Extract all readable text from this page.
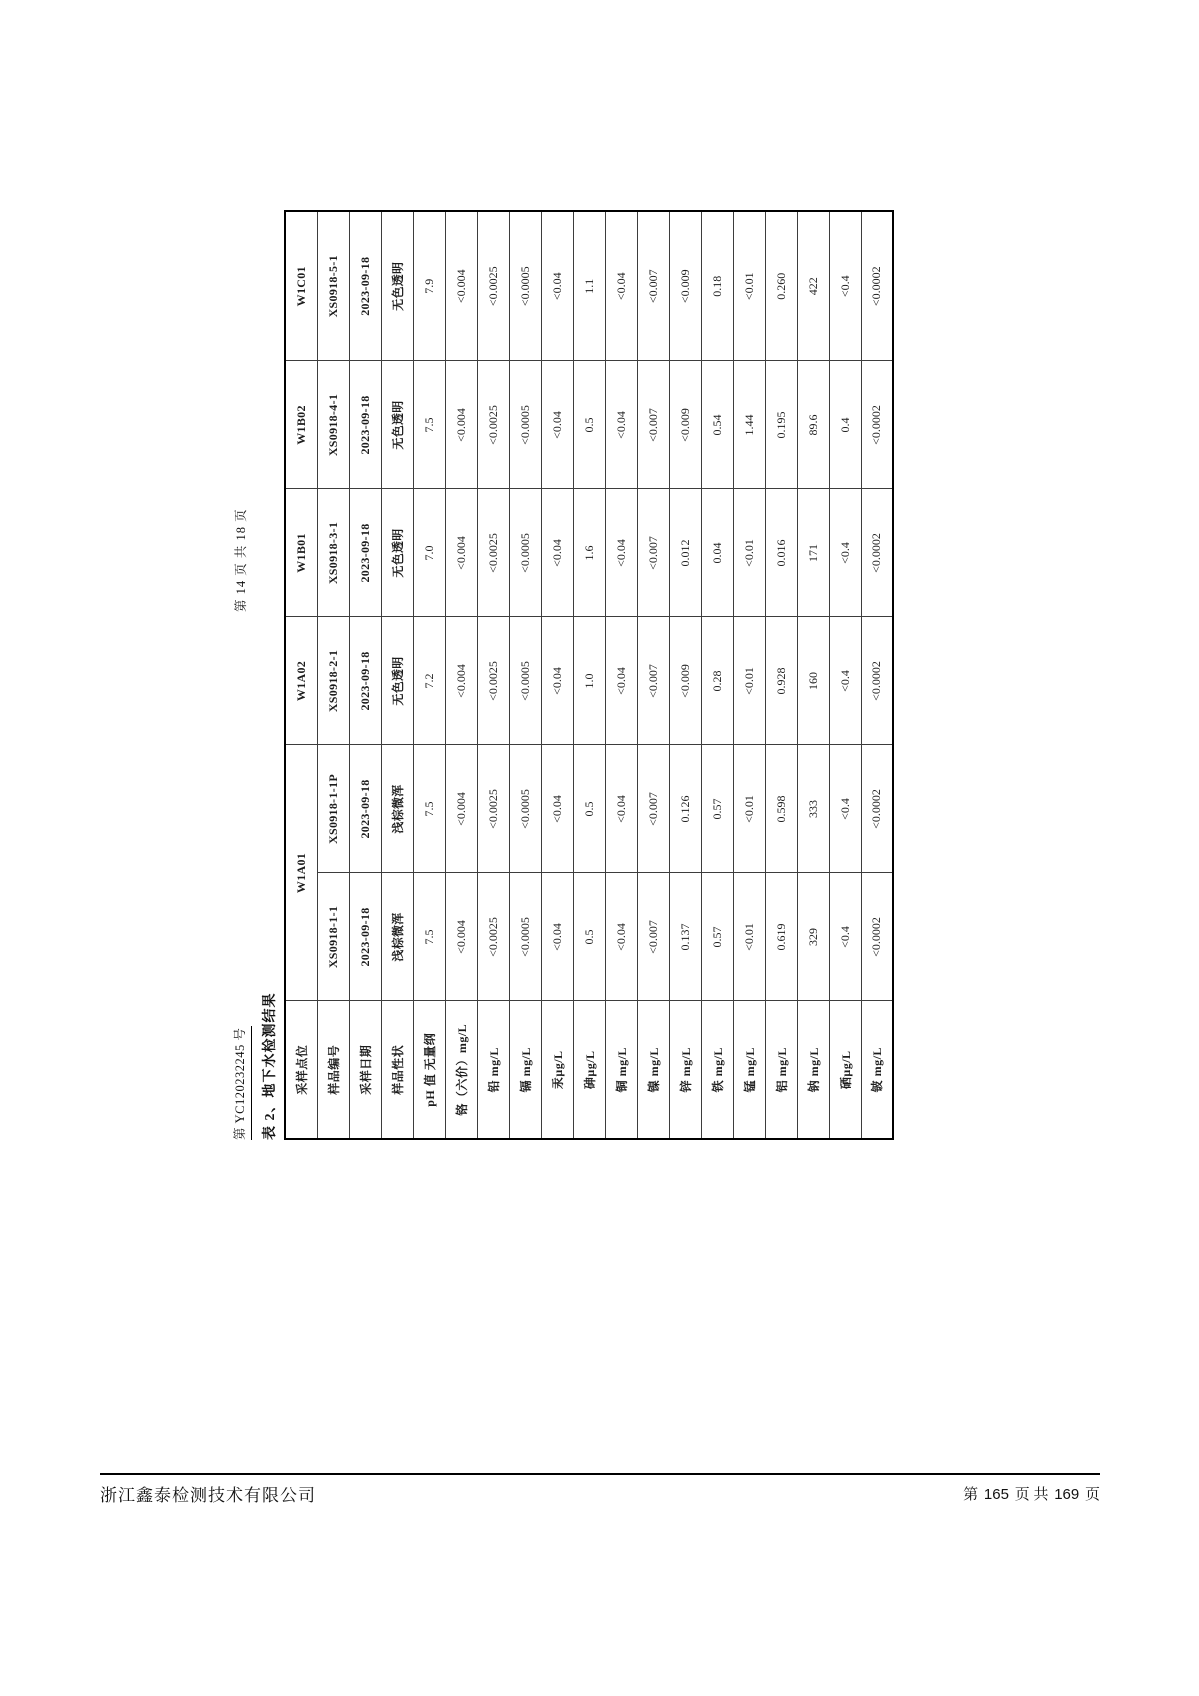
第 YC120232245 号
第 14 页 共 18 页
表 2、地下水检测结果 采样点位	W1A01		W1A02	W1B01	W1B02	W1C01
样品编号	XS0918-1-1	XS0918-1-1P	XS0918-2-1	XS0918-3-1	XS0918-4-1	XS0918-5-1
采样日期	2023-09-18	2023-09-18	2023-09-18	2023-09-18	2023-09-18	2023-09-18
样品性状	浅棕微浑	浅棕微浑	无色透明	无色透明	无色透明	无色透明
pH 值 无量纲	7.5	7.5	7.2	7.0	7.5	7.9
铬（六价）mg/L	<0.004	<0.004	<0.004	<0.004	<0.004	<0.004
铅 mg/L	<0.0025	<0.0025	<0.0025	<0.0025	<0.0025	<0.0025
镉 mg/L	<0.0005	<0.0005	<0.0005	<0.0005	<0.0005	<0.0005
汞μg/L	<0.04	<0.04	<0.04	<0.04	<0.04	<0.04
砷μg/L	0.5	0.5	1.0	1.6	0.5	1.1
铜 mg/L	<0.04	<0.04	<0.04	<0.04	<0.04	<0.04
镍 mg/L	<0.007	<0.007	<0.007	<0.007	<0.007	<0.007
锌 mg/L	0.137	0.126	<0.009	0.012	<0.009	<0.009
铁 mg/L	0.57	0.57	0.28	0.04	0.54	0.18
锰 mg/L	<0.01	<0.01	<0.01	<0.01	1.44	<0.01
铝 mg/L	0.619	0.598	0.928	0.016	0.195	0.260
钠 mg/L	329	333	160	171	89.6	422
硒μg/L	<0.4	<0.4	<0.4	<0.4	0.4	<0.4
铍 mg/L	<0.0002	<0.0002	<0.0002	<0.0002	<0.0002	<0.0002
浙江鑫泰检测技术有限公司	第 165 页 共 169 页
